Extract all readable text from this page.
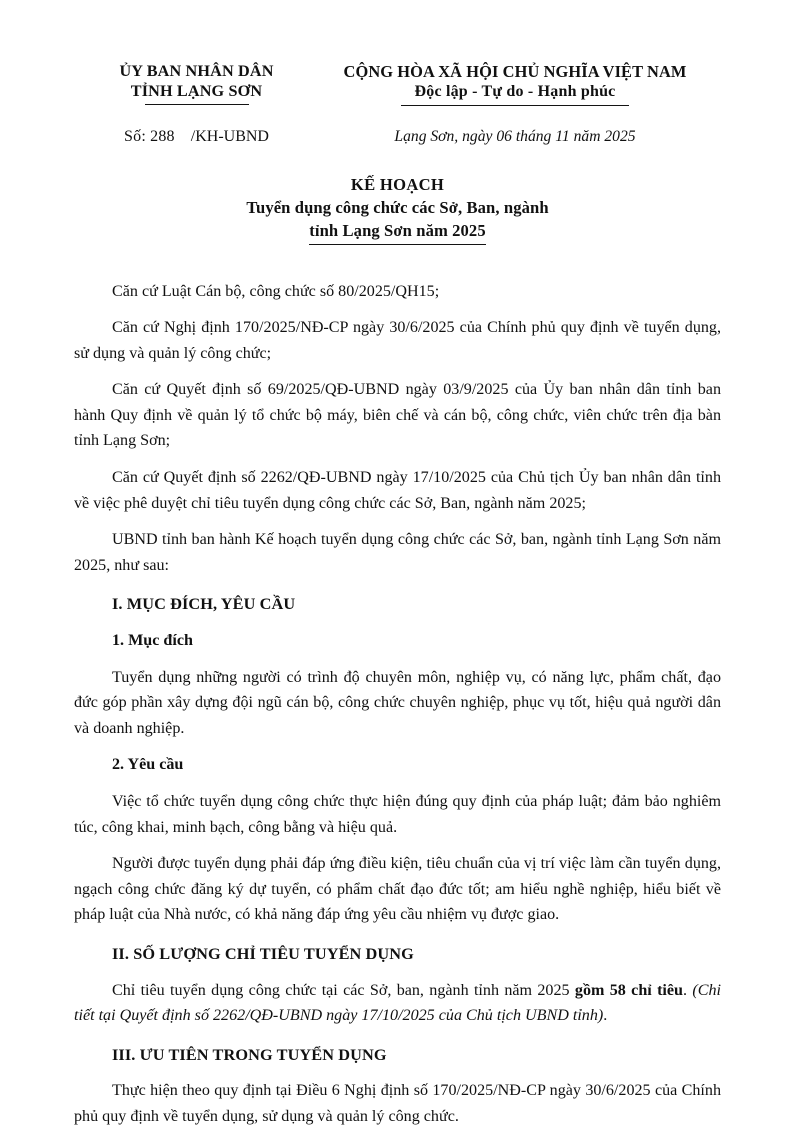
ỦY BAN NHÂN DÂN
TỈNH LẠNG SƠN
CỘNG HÒA XÃ HỘI CHỦ NGHĨA VIỆT NAM
Độc lập - Tự do - Hạnh phúc
Số: 288 /KH-UBND	Lạng Sơn, ngày 06 tháng 11 năm 2025
KẾ HOẠCH
Tuyển dụng công chức các Sở, Ban, ngành
tỉnh Lạng Sơn năm 2025

Căn cứ Luật Cán bộ, công chức số 80/2025/QH15;

Căn cứ Nghị định 170/2025/NĐ-CP ngày 30/6/2025 của Chính phủ quy định về tuyển dụng, sử dụng và quản lý công chức;

Căn cứ Quyết định số 69/2025/QĐ-UBND ngày 03/9/2025 của Ủy ban nhân dân tỉnh ban hành Quy định về quản lý tổ chức bộ máy, biên chế và cán bộ, công chức, viên chức trên địa bàn tỉnh Lạng Sơn;

Căn cứ Quyết định số 2262/QĐ-UBND ngày 17/10/2025 của Chủ tịch Ủy ban nhân dân tỉnh về việc phê duyệt chỉ tiêu tuyển dụng công chức các Sở, Ban, ngành năm 2025;

UBND tỉnh ban hành Kế hoạch tuyển dụng công chức các Sở, ban, ngành tỉnh Lạng Sơn năm 2025, như sau:

I. MỤC ĐÍCH, YÊU CẦU
1. Mục đích

Tuyển dụng những người có trình độ chuyên môn, nghiệp vụ, có năng lực, phẩm chất, đạo đức góp phần xây dựng đội ngũ cán bộ, công chức chuyên nghiệp, phục vụ tốt, hiệu quả người dân và doanh nghiệp.

2. Yêu cầu

Việc tổ chức tuyển dụng công chức thực hiện đúng quy định của pháp luật; đảm bảo nghiêm túc, công khai, minh bạch, công bằng và hiệu quả.

Người được tuyển dụng phải đáp ứng điều kiện, tiêu chuẩn của vị trí việc làm cần tuyển dụng, ngạch công chức đăng ký dự tuyển, có phẩm chất đạo đức tốt; am hiểu nghề nghiệp, hiểu biết về pháp luật của Nhà nước, có khả năng đáp ứng yêu cầu nhiệm vụ được giao.

II. SỐ LƯỢNG CHỈ TIÊU TUYỂN DỤNG

Chỉ tiêu tuyển dụng công chức tại các Sở, ban, ngành tỉnh năm 2025 gồm 58 chỉ tiêu. (Chi tiết tại Quyết định số 2262/QĐ-UBND ngày 17/10/2025 của Chủ tịch UBND tỉnh).

III. ƯU TIÊN TRONG TUYỂN DỤNG

Thực hiện theo quy định tại Điều 6 Nghị định số 170/2025/NĐ-CP ngày 30/6/2025 của Chính phủ quy định về tuyển dụng, sử dụng và quản lý công chức.
